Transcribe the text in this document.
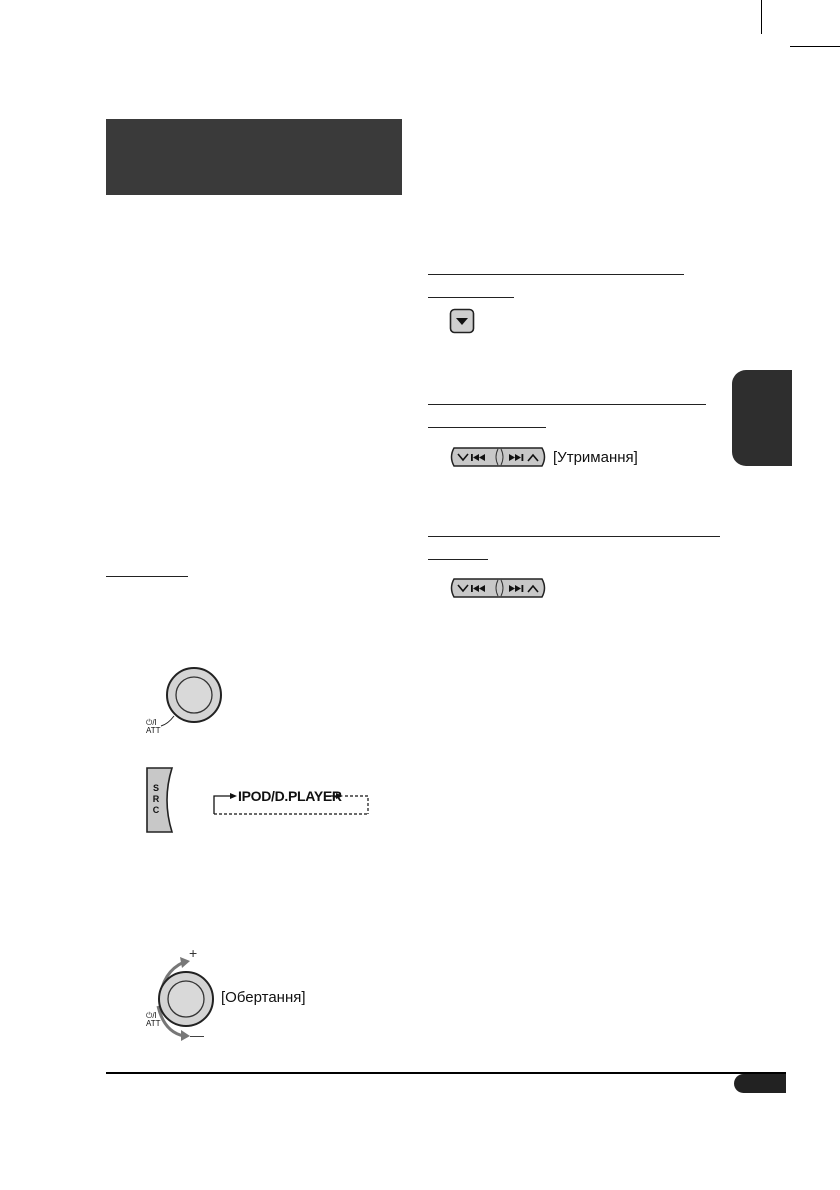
[Утримання]
⏻/I
ATT
S
R
C
IPOD/D.PLAYER
+
—
⏻/I
ATT
[Обертання]
